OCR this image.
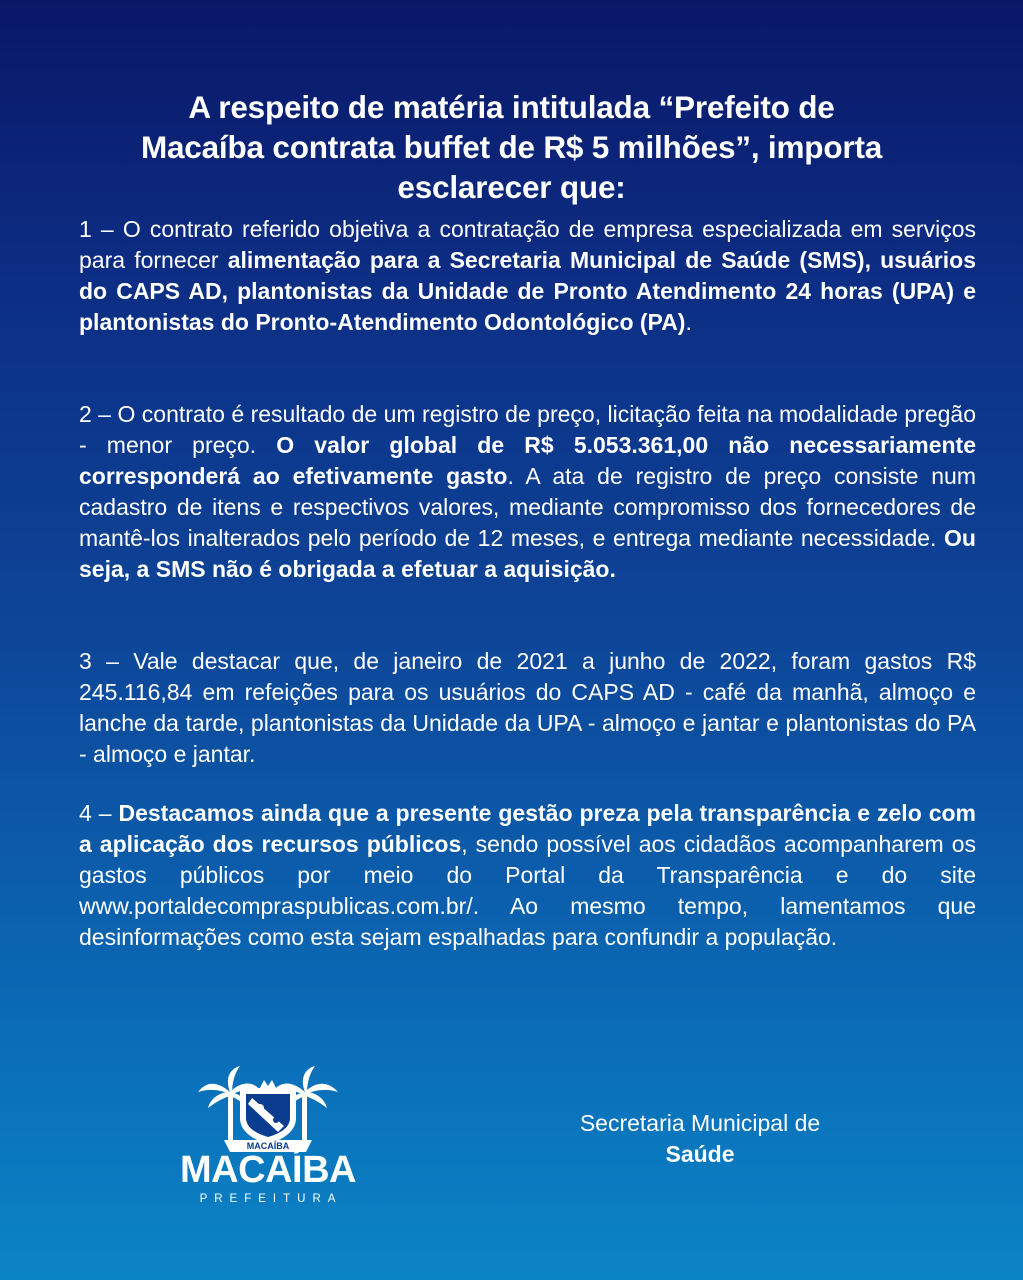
A respeito de matéria intitulada “Prefeito de
Macaíba contrata buffet de R$ 5 milhões”, importa
esclarecer que:

1 – O contrato referido objetiva a contratação de empresa especializada em serviços para fornecer alimentação para a Secretaria Municipal de Saúde (SMS), usuários do CAPS AD, plantonistas da Unidade de Pronto Atendimento 24 horas (UPA) e plantonistas do Pronto-Atendimento Odontológico (PA).

2 – O contrato é resultado de um registro de preço, licitação feita na modalidade pregão - menor preço. O valor global de R$ 5.053.361,00 não necessariamente corresponderá ao efetivamente gasto. A ata de registro de preço consiste num cadastro de itens e respectivos valores, mediante compromisso dos fornecedores de mantê-los inalterados pelo período de 12 meses, e entrega mediante necessidade. Ou seja, a SMS não é obrigada a efetuar a aquisição.

3 – Vale destacar que, de janeiro de 2021 a junho de 2022, foram gastos R$ 245.116,84 em refeições para os usuários do CAPS AD - café da manhã, almoço e lanche da tarde, plantonistas da Unidade da UPA - almoço e jantar e plantonistas do PA - almoço e jantar.

4 – Destacamos ainda que a presente gestão preza pela transparência e zelo com a aplicação dos recursos públicos, sendo possível aos cidadãos acompanharem os gastos públicos por meio do Portal da Transparência e do site www.portaldecompraspublicas.com.br/. Ao mesmo tempo, lamentamos que desinformações como esta sejam espalhadas para confundir a população.

MACAÍBA
MACAÍBA
PREFEITURA
Secretaria Municipal de
Saúde
